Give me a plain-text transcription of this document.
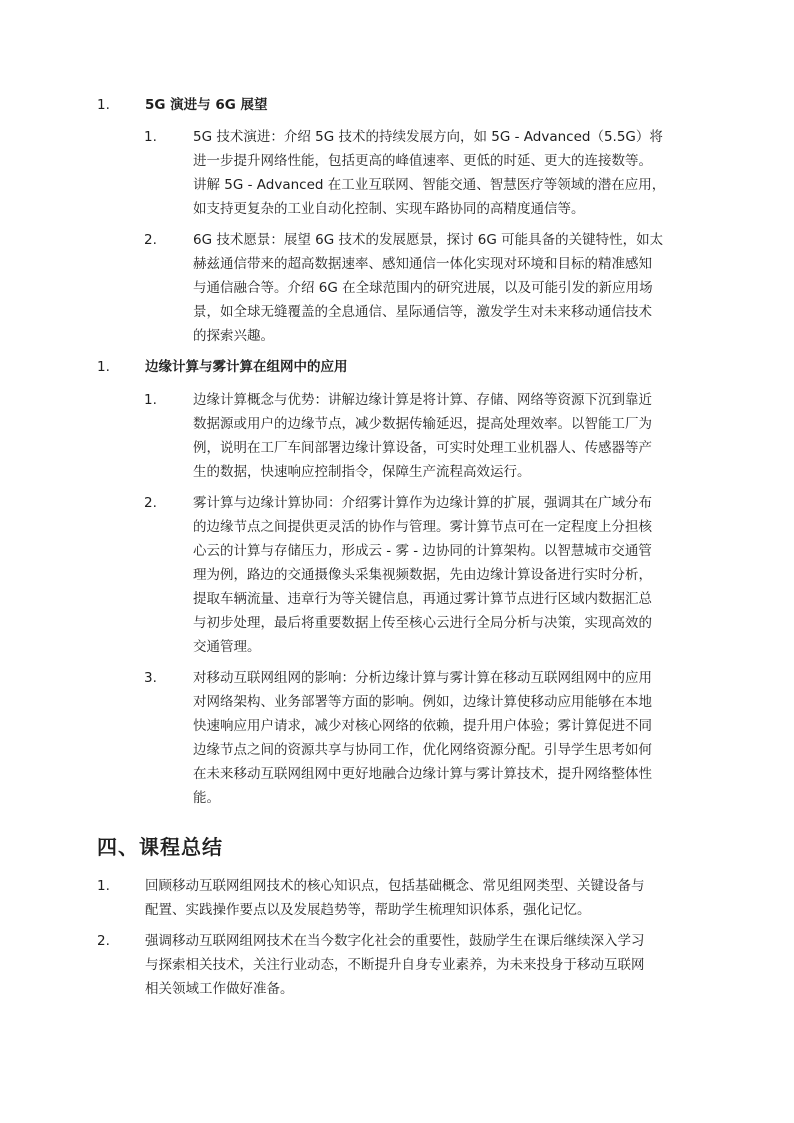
1.	5G 演进与 6G 展望
1.	5G 技术演进：介绍 5G 技术的持续发展方向，如 5G - Advanced（5.5G）将
进一步提升网络性能，包括更高的峰值速率、更低的时延、更大的连接数等。
讲解 5G - Advanced 在工业互联网、智能交通、智慧医疗等领域的潜在应用，
如支持更复杂的工业自动化控制、实现车路协同的高精度通信等。
2.	6G 技术愿景：展望 6G 技术的发展愿景，探讨 6G 可能具备的关键特性，如太
赫兹通信带来的超高数据速率、感知通信一体化实现对环境和目标的精准感知
与通信融合等。介绍 6G 在全球范围内的研究进展，以及可能引发的新应用场
景，如全球无缝覆盖的全息通信、星际通信等，激发学生对未来移动通信技术
的探索兴趣。
1.	边缘计算与雾计算在组网中的应用
1.	边缘计算概念与优势：讲解边缘计算是将计算、存储、网络等资源下沉到靠近
数据源或用户的边缘节点，减少数据传输延迟，提高处理效率。以智能工厂为
例，说明在工厂车间部署边缘计算设备，可实时处理工业机器人、传感器等产
生的数据，快速响应控制指令，保障生产流程高效运行。
2.	雾计算与边缘计算协同：介绍雾计算作为边缘计算的扩展，强调其在广域分布
的边缘节点之间提供更灵活的协作与管理。雾计算节点可在一定程度上分担核
心云的计算与存储压力，形成云 - 雾 - 边协同的计算架构。以智慧城市交通管
理为例，路边的交通摄像头采集视频数据，先由边缘计算设备进行实时分析，
提取车辆流量、违章行为等关键信息，再通过雾计算节点进行区域内数据汇总
与初步处理，最后将重要数据上传至核心云进行全局分析与决策，实现高效的
交通管理。
3.	对移动互联网组网的影响：分析边缘计算与雾计算在移动互联网组网中的应用
对网络架构、业务部署等方面的影响。例如，边缘计算使移动应用能够在本地
快速响应用户请求，减少对核心网络的依赖，提升用户体验；雾计算促进不同
边缘节点之间的资源共享与协同工作，优化网络资源分配。引导学生思考如何
在未来移动互联网组网中更好地融合边缘计算与雾计算技术，提升网络整体性
能。
四、课程总结
1.	回顾移动互联网组网技术的核心知识点，包括基础概念、常见组网类型、关键设备与
配置、实践操作要点以及发展趋势等，帮助学生梳理知识体系，强化记忆。
2.	强调移动互联网组网技术在当今数字化社会的重要性，鼓励学生在课后继续深入学习
与探索相关技术，关注行业动态，不断提升自身专业素养，为未来投身于移动互联网
相关领域工作做好准备。
